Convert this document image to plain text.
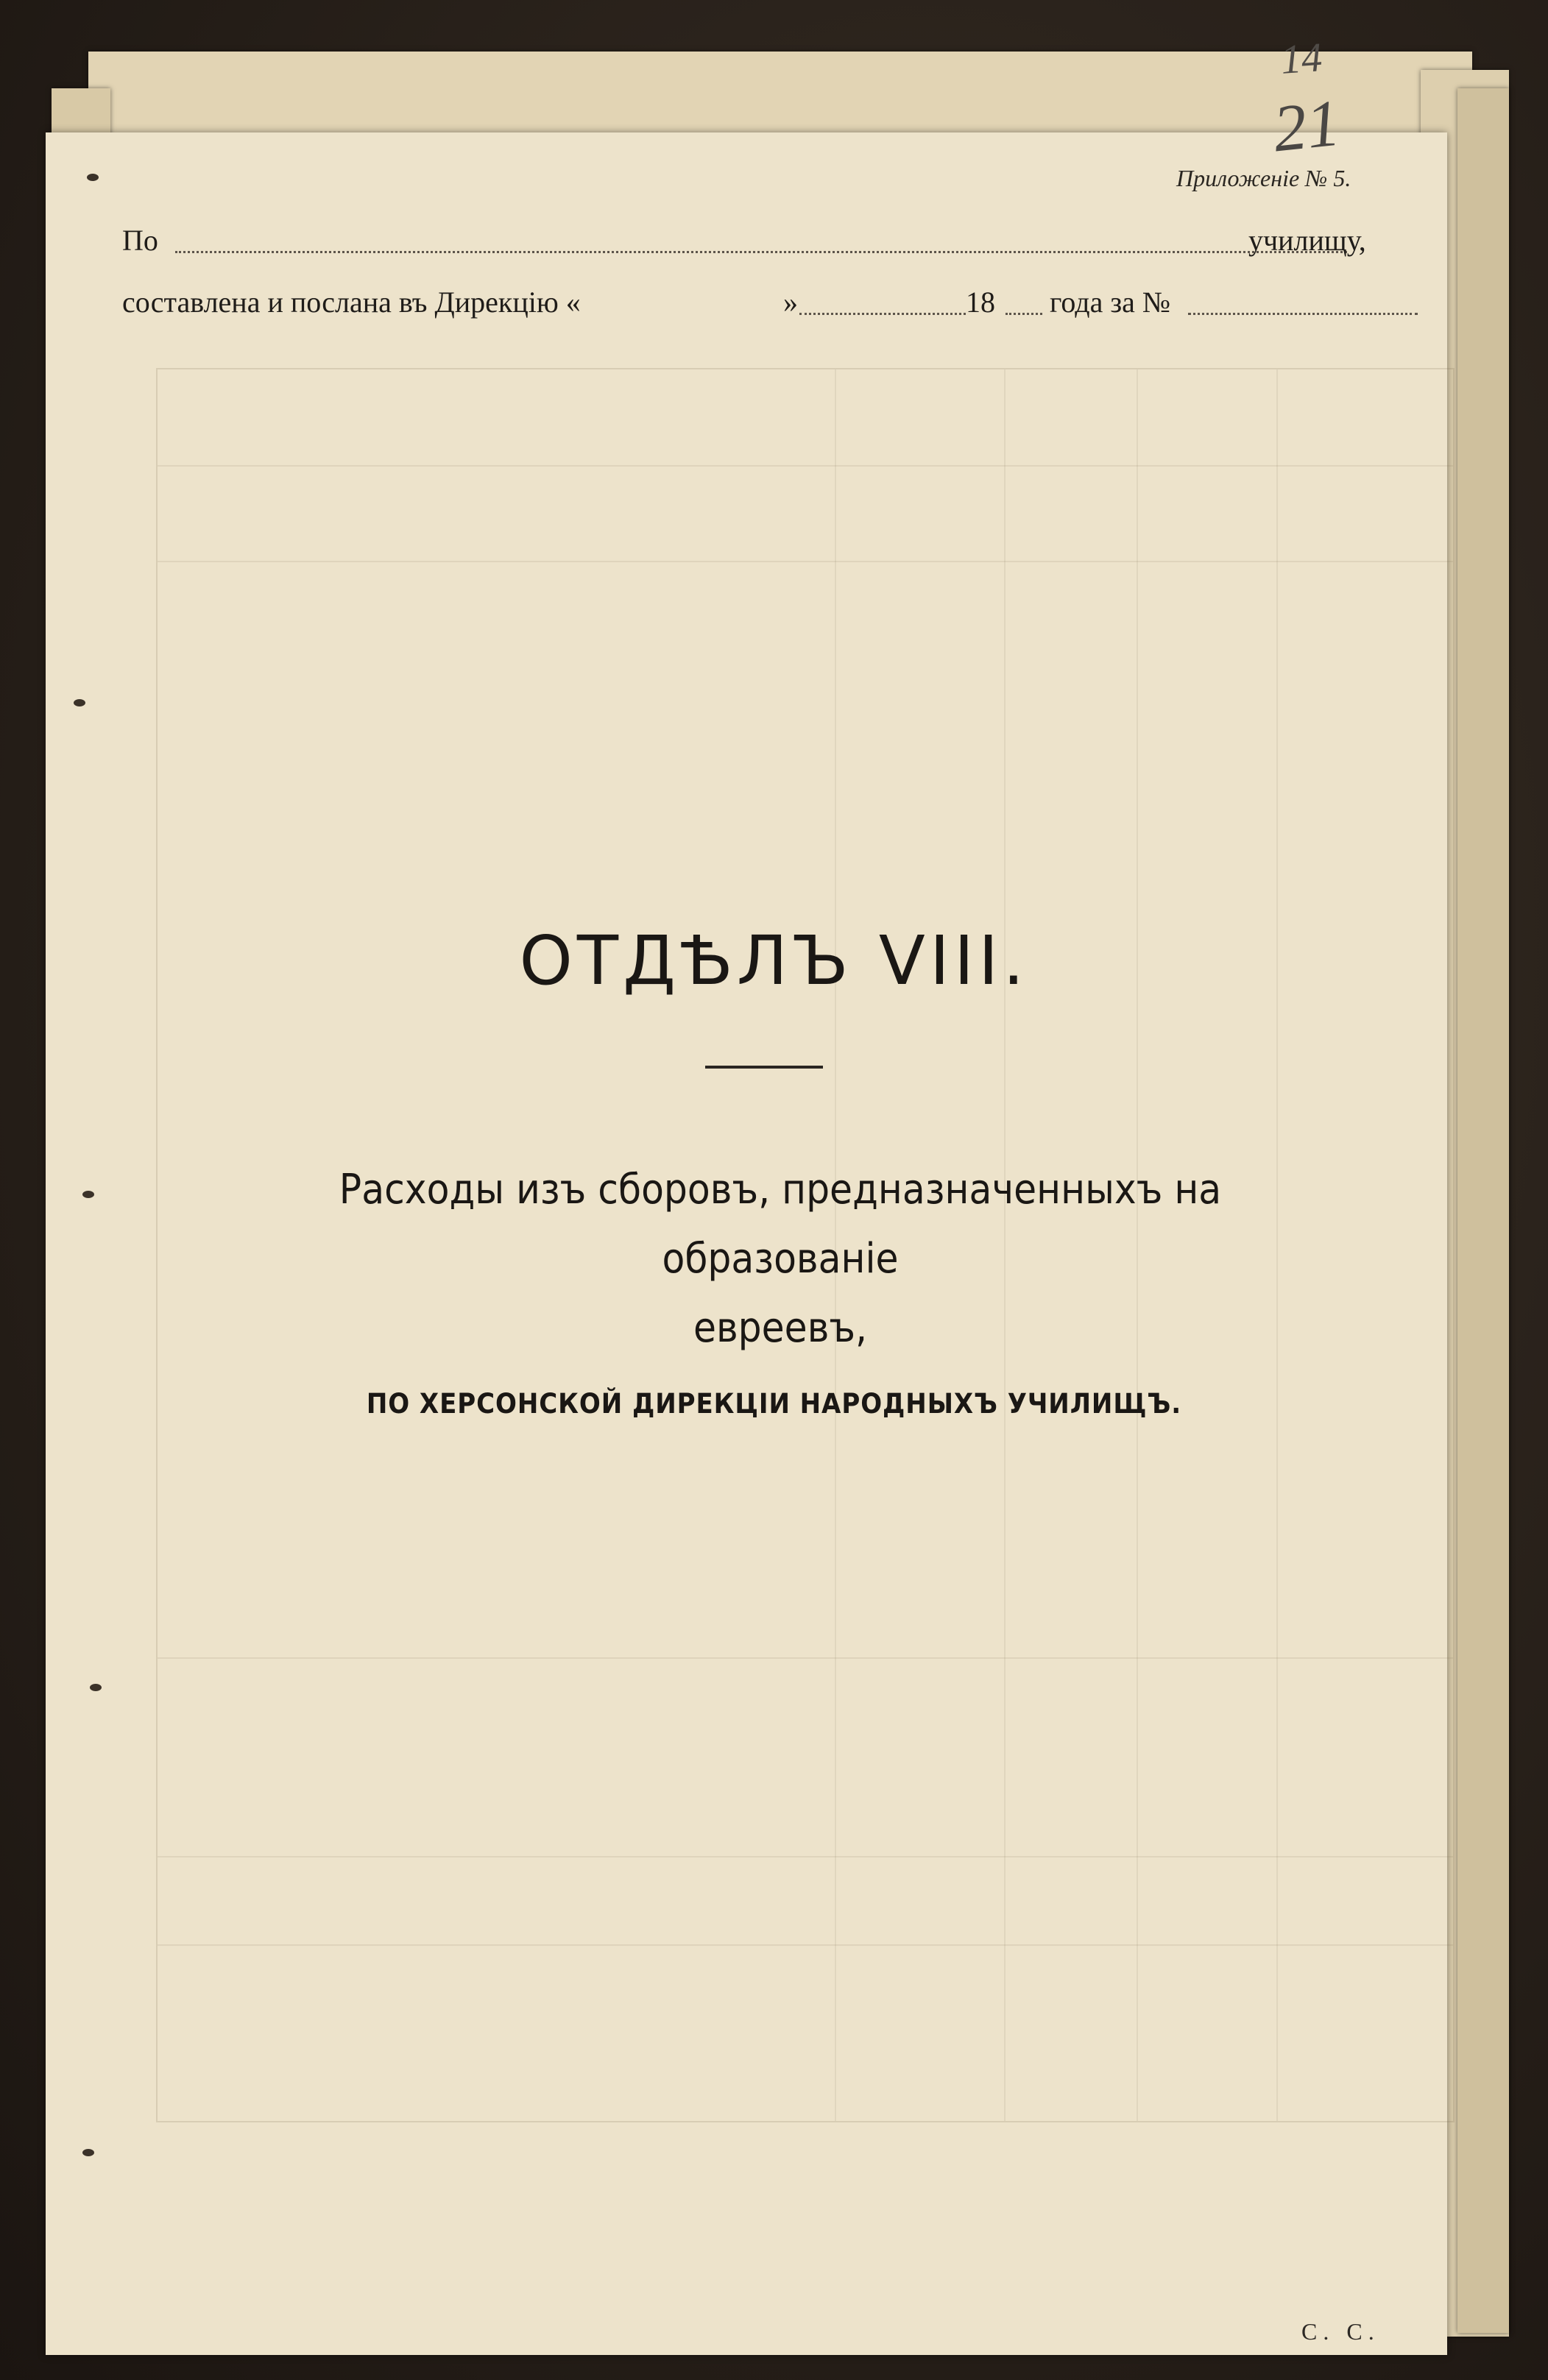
14
21
Приложенiе № 5.
По	училищу,
составлена и послана въ Дирекцiю «	»	18 года за №
ОТДѢЛЪ VIII.
Расходы изъ сборовъ, предназначенныхъ на образованiе
евреевъ,
ПО ХЕРСОНСКОЙ ДИРЕКЦIИ НАРОДНЫХЪ УЧИЛИЩЪ.
С. С.
